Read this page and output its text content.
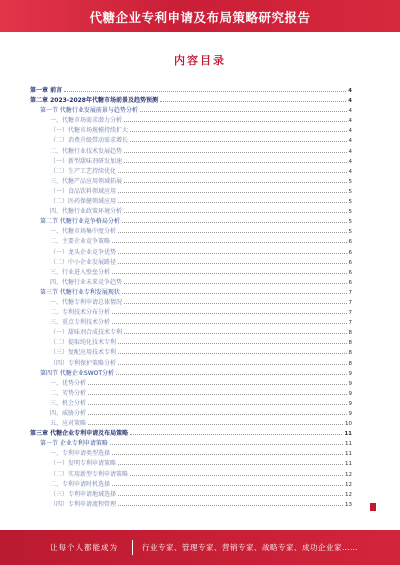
代糖企业专利申请及布局策略研究报告
内容目录
第一章 前言	4
第二章 2023-2028年代糖市场前景及趋势预测	4
第一节 代糖行业发展前景与趋势分析	4
一、代糖市场需求潜力分析	4
（一）代糖市场规模持续扩大	4
（二）消费升级带动需求增长	4
二、代糖行业技术发展趋势	4
（一）新型甜味剂研发加速	4
（二）生产工艺持续优化	4
三、代糖产品应用领域拓展	5
（一）食品饮料领域应用	5
（二）医药保健领域应用	5
四、代糖行业政策环境分析	5
第二节 代糖行业竞争格局分析	5
一、代糖市场集中度分析	5
二、主要企业竞争策略	6
（一）龙头企业竞争优势	6
（二）中小企业发展路径	6
三、行业进入壁垒分析	6
四、代糖行业未来竞争趋势	6
第三节 代糖行业专利发展现状	7
一、代糖专利申请总体情况	7
二、专利技术分布分析	7
三、重点专利技术分析	7
（一）甜味剂合成技术专利	8
（二）提取纯化技术专利	8
（三）复配应用技术专利	8
（四）专利保护策略分析	8
第四节 代糖企业SWOT分析	9
一、优势分析	9
二、劣势分析	9
三、机会分析	9
四、威胁分析	9
五、应对策略	10
第三章 代糖企业专利申请及布局策略	11
第一节 企业专利申请策略	11
一、专利申请类型选择	11
（一）发明专利申请策略	11
（二）实用新型专利申请策略	12
二、专利申请时机选择	12
（三）专利申请地域选择	12
（四）专利申请流程管理	13
让每个人都能成为	行业专家、管理专家、营销专家、战略专家、成功企业家……
